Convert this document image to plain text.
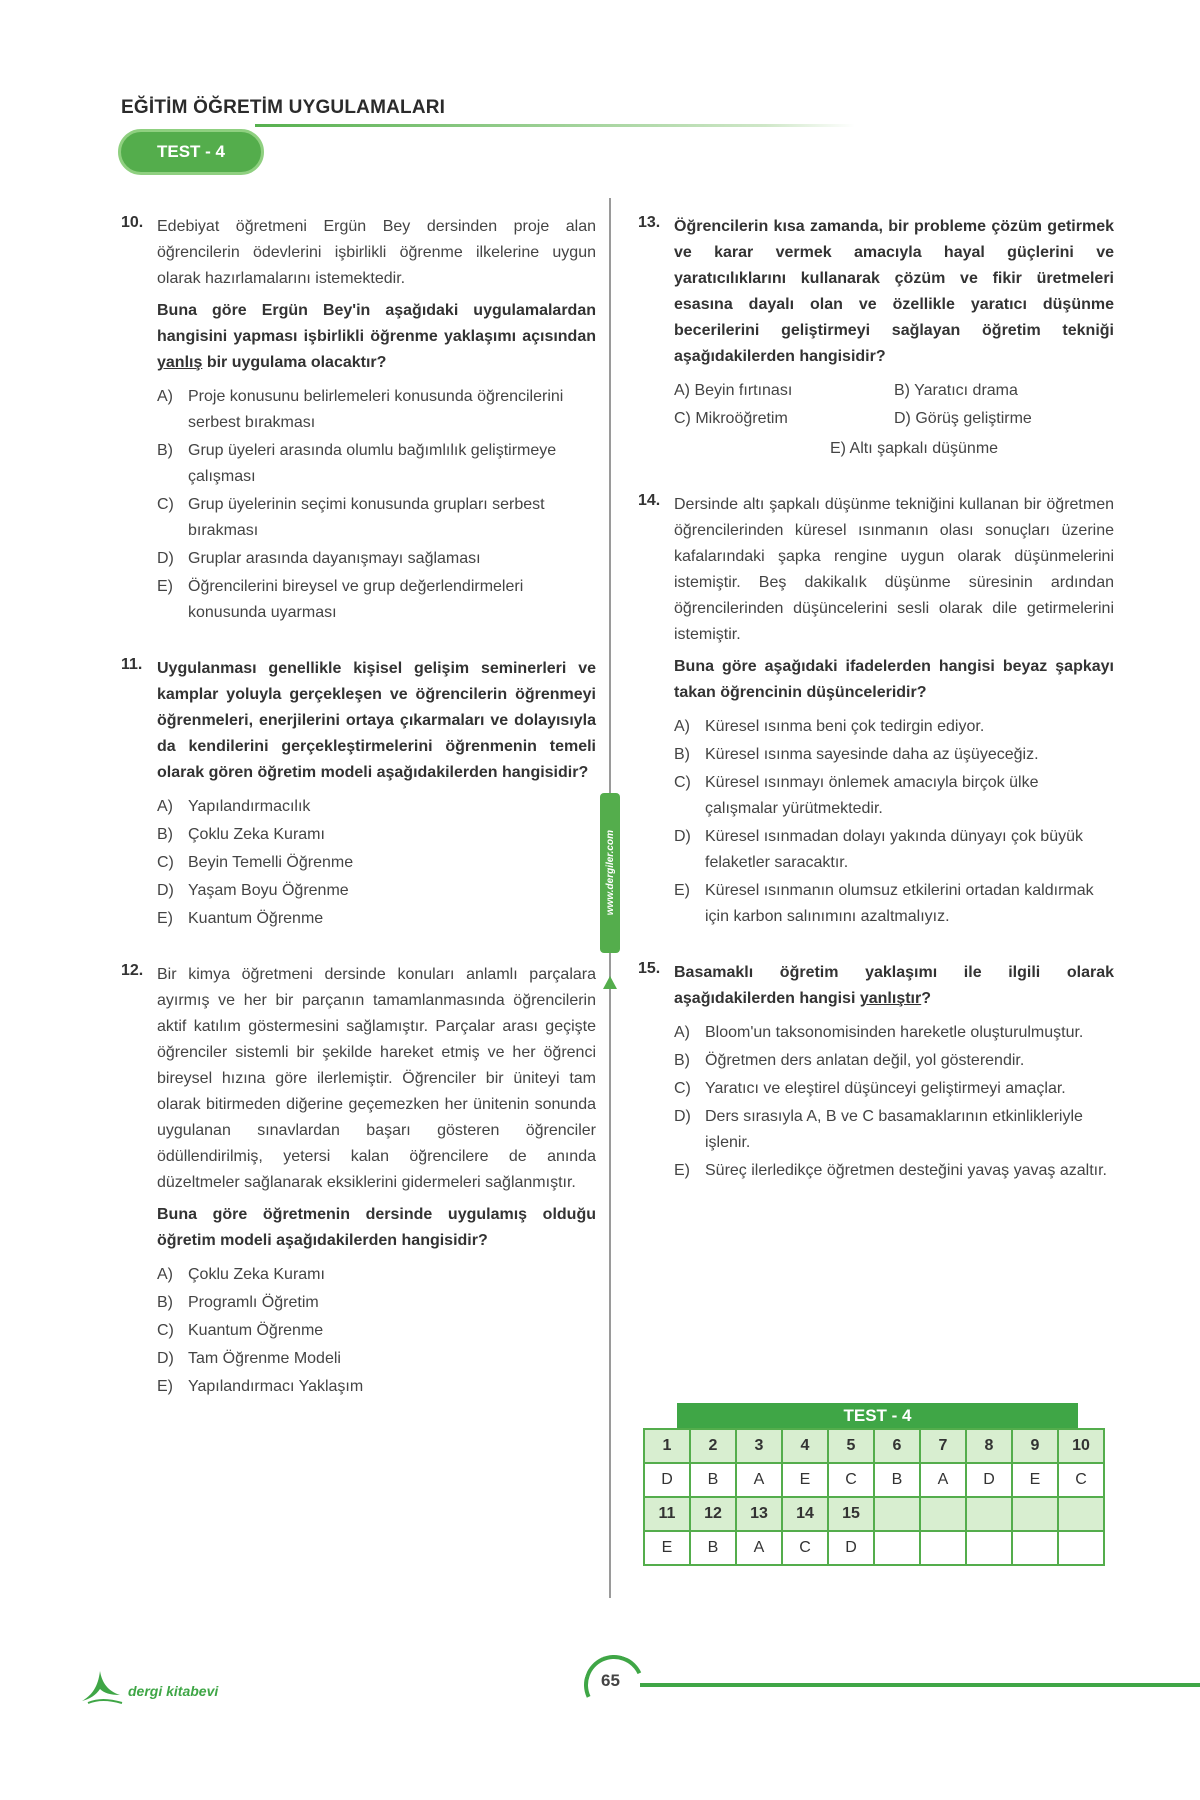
EĞİTİM ÖĞRETİM UYGULAMALARI
TEST - 4
www.dergiler.com
10. Edebiyat öğretmeni Ergün Bey dersinden proje alan öğrencilerin ödevlerini işbirlikli öğrenme ilkelerine uygun olarak hazırlamalarını istemektedir.

Buna göre Ergün Bey'in aşağıdaki uygulamalardan hangisini yapması işbirlikli öğrenme yaklaşımı açısından yanlış bir uygulama olacaktır?

A) Proje konusunu belirlemeleri konusunda öğrencilerini serbest bırakması
B) Grup üyeleri arasında olumlu bağımlılık geliştirmeye çalışması
C) Grup üyelerinin seçimi konusunda grupları serbest bırakması
D) Gruplar arasında dayanışmayı sağlaması
E) Öğrencilerini bireysel ve grup değerlendirmeleri konusunda uyarması
11. Uygulanması genellikle kişisel gelişim seminerleri ve kamplar yoluyla gerçekleşen ve öğrencilerin öğrenmeyi öğrenmeleri, enerjilerini ortaya çıkarmaları ve dolayısıyla da kendilerini gerçekleştirmelerini öğrenmenin temeli olarak gören öğretim modeli aşağıdakilerden hangisidir?

A) Yapılandırmacılık
B) Çoklu Zeka Kuramı
C) Beyin Temelli Öğrenme
D) Yaşam Boyu Öğrenme
E) Kuantum Öğrenme
12. Bir kimya öğretmeni dersinde konuları anlamlı parçalara ayırmış ve her bir parçanın tamamlanmasında öğrencilerin aktif katılım göstermesini sağlamıştır. Parçalar arası geçişte öğrenciler sistemli bir şekilde hareket etmiş ve her öğrenci bireysel hızına göre ilerlemiştir. Öğrenciler bir üniteyi tam olarak bitirmeden diğerine geçemezken her ünitenin sonunda uygulanan sınavlardan başarı gösteren öğrenciler ödüllendirilmiş, yetersi kalan öğrencilere de anında düzeltmeler sağlanarak eksiklerini gidermeleri sağlanmıştır.

Buna göre öğretmenin dersinde uygulamış olduğu öğretim modeli aşağıdakilerden hangisidir?

A) Çoklu Zeka Kuramı
B) Programlı Öğretim
C) Kuantum Öğrenme
D) Tam Öğrenme Modeli
E) Yapılandırmacı Yaklaşım
13. Öğrencilerin kısa zamanda, bir probleme çözüm getirmek ve karar vermek amacıyla hayal güçlerini ve yaratıcılıklarını kullanarak çözüm ve fikir üretmeleri esasına dayalı olan ve özellikle yaratıcı düşünme becerilerini geliştirmeyi sağlayan öğretim tekniği aşağıdakilerden hangisidir?

A) Beyin fırtınası	B) Yaratıcı drama
C) Mikroöğretim	D) Görüş geliştirme
E) Altı şapkalı düşünme
14. Dersinde altı şapkalı düşünme tekniğini kullanan bir öğretmen öğrencilerinden küresel ısınmanın olası sonuçları üzerine kafalarındaki şapka rengine uygun olarak düşünmelerini istemiştir. Beş dakikalık düşünme süresinin ardından öğrencilerinden düşüncelerini sesli olarak dile getirmelerini istemiştir.

Buna göre aşağıdaki ifadelerden hangisi beyaz şapkayı takan öğrencinin düşünceleridir?

A) Küresel ısınma beni çok tedirgin ediyor.
B) Küresel ısınma sayesinde daha az üşüyeceğiz.
C) Küresel ısınmayı önlemek amacıyla birçok ülke çalışmalar yürütmektedir.
D) Küresel ısınmadan dolayı yakında dünyayı çok büyük felaketler saracaktır.
E) Küresel ısınmanın olumsuz etkilerini ortadan kaldırmak için karbon salınımını azaltmalıyız.
15. Basamaklı öğretim yaklaşımı ile ilgili olarak aşağıdakilerden hangisi yanlıştır?

A) Bloom'un taksonomisinden hareketle oluşturulmuştur.
B) Öğretmen ders anlatan değil, yol gösterendir.
C) Yaratıcı ve eleştirel düşünceyi geliştirmeyi amaçlar.
D) Ders sırasıyla A, B ve C basamaklarının etkinlikleriyle işlenir.
E) Süreç ilerledikçe öğretmen desteğini yavaş yavaş azaltır.
TEST - 4
1	2	3	4	5	6	7	8	9	10
D	B	A	E	C	B	A	D	E	C
11	12	13	14	15					
E	B	A	C	D					
dergi kitabevi
65
